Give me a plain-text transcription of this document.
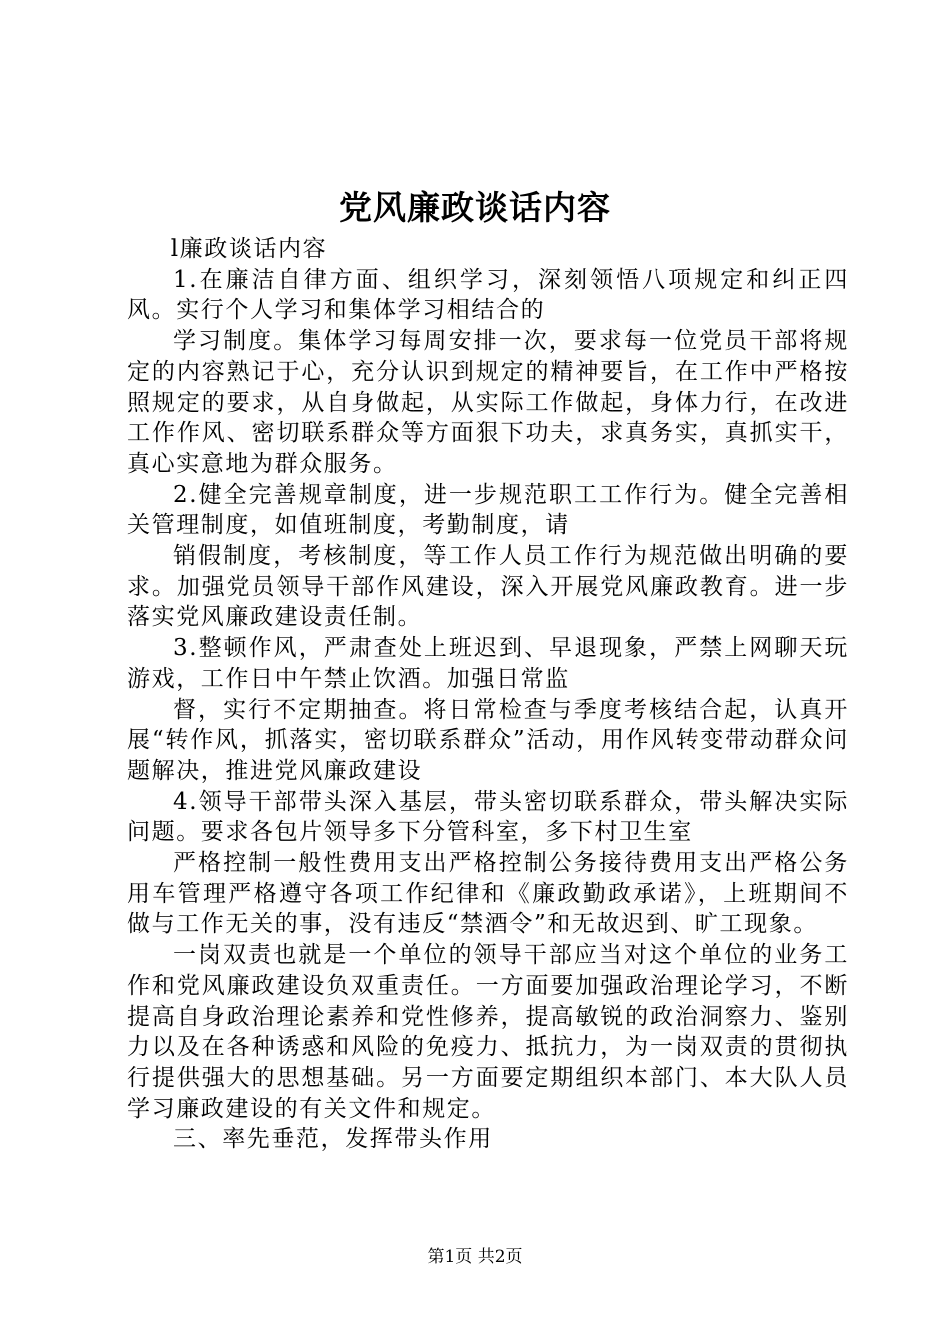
党风廉政谈话内容

l廉政谈话内容

1.在廉洁自律方面、组织学习，深刻领悟八项规定和纠正四风。实行个人学习和集体学习相结合的

学习制度。集体学习每周安排一次，要求每一位党员干部将规定的内容熟记于心，充分认识到规定的精神要旨，在工作中严格按照规定的要求，从自身做起，从实际工作做起，身体力行，在改进工作作风、密切联系群众等方面狠下功夫，求真务实，真抓实干，真心实意地为群众服务。

2.健全完善规章制度，进一步规范职工工作行为。健全完善相关管理制度，如值班制度，考勤制度，请

销假制度，考核制度，等工作人员工作行为规范做出明确的要求。加强党员领导干部作风建设，深入开展党风廉政教育。进一步落实党风廉政建设责任制。

3.整顿作风，严肃查处上班迟到、早退现象，严禁上网聊天玩游戏，工作日中午禁止饮酒。加强日常监

督，实行不定期抽查。将日常检查与季度考核结合起，认真开展“转作风，抓落实，密切联系群众”活动，用作风转变带动群众问题解决，推进党风廉政建设

4.领导干部带头深入基层，带头密切联系群众，带头解决实际问题。要求各包片领导多下分管科室，多下村卫生室

严格控制一般性费用支出严格控制公务接待费用支出严格公务用车管理严格遵守各项工作纪律和《廉政勤政承诺》，上班期间不做与工作无关的事，没有违反“禁酒令”和无故迟到、旷工现象。

一岗双责也就是一个单位的领导干部应当对这个单位的业务工作和党风廉政建设负双重责任。一方面要加强政治理论学习，不断提高自身政治理论素养和党性修养，提高敏锐的政治洞察力、鉴别力以及在各种诱惑和风险的免疫力、抵抗力，为一岗双责的贯彻执行提供强大的思想基础。另一方面要定期组织本部门、本大队人员学习廉政建设的有关文件和规定。

三、率先垂范，发挥带头作用

第1页 共2页
